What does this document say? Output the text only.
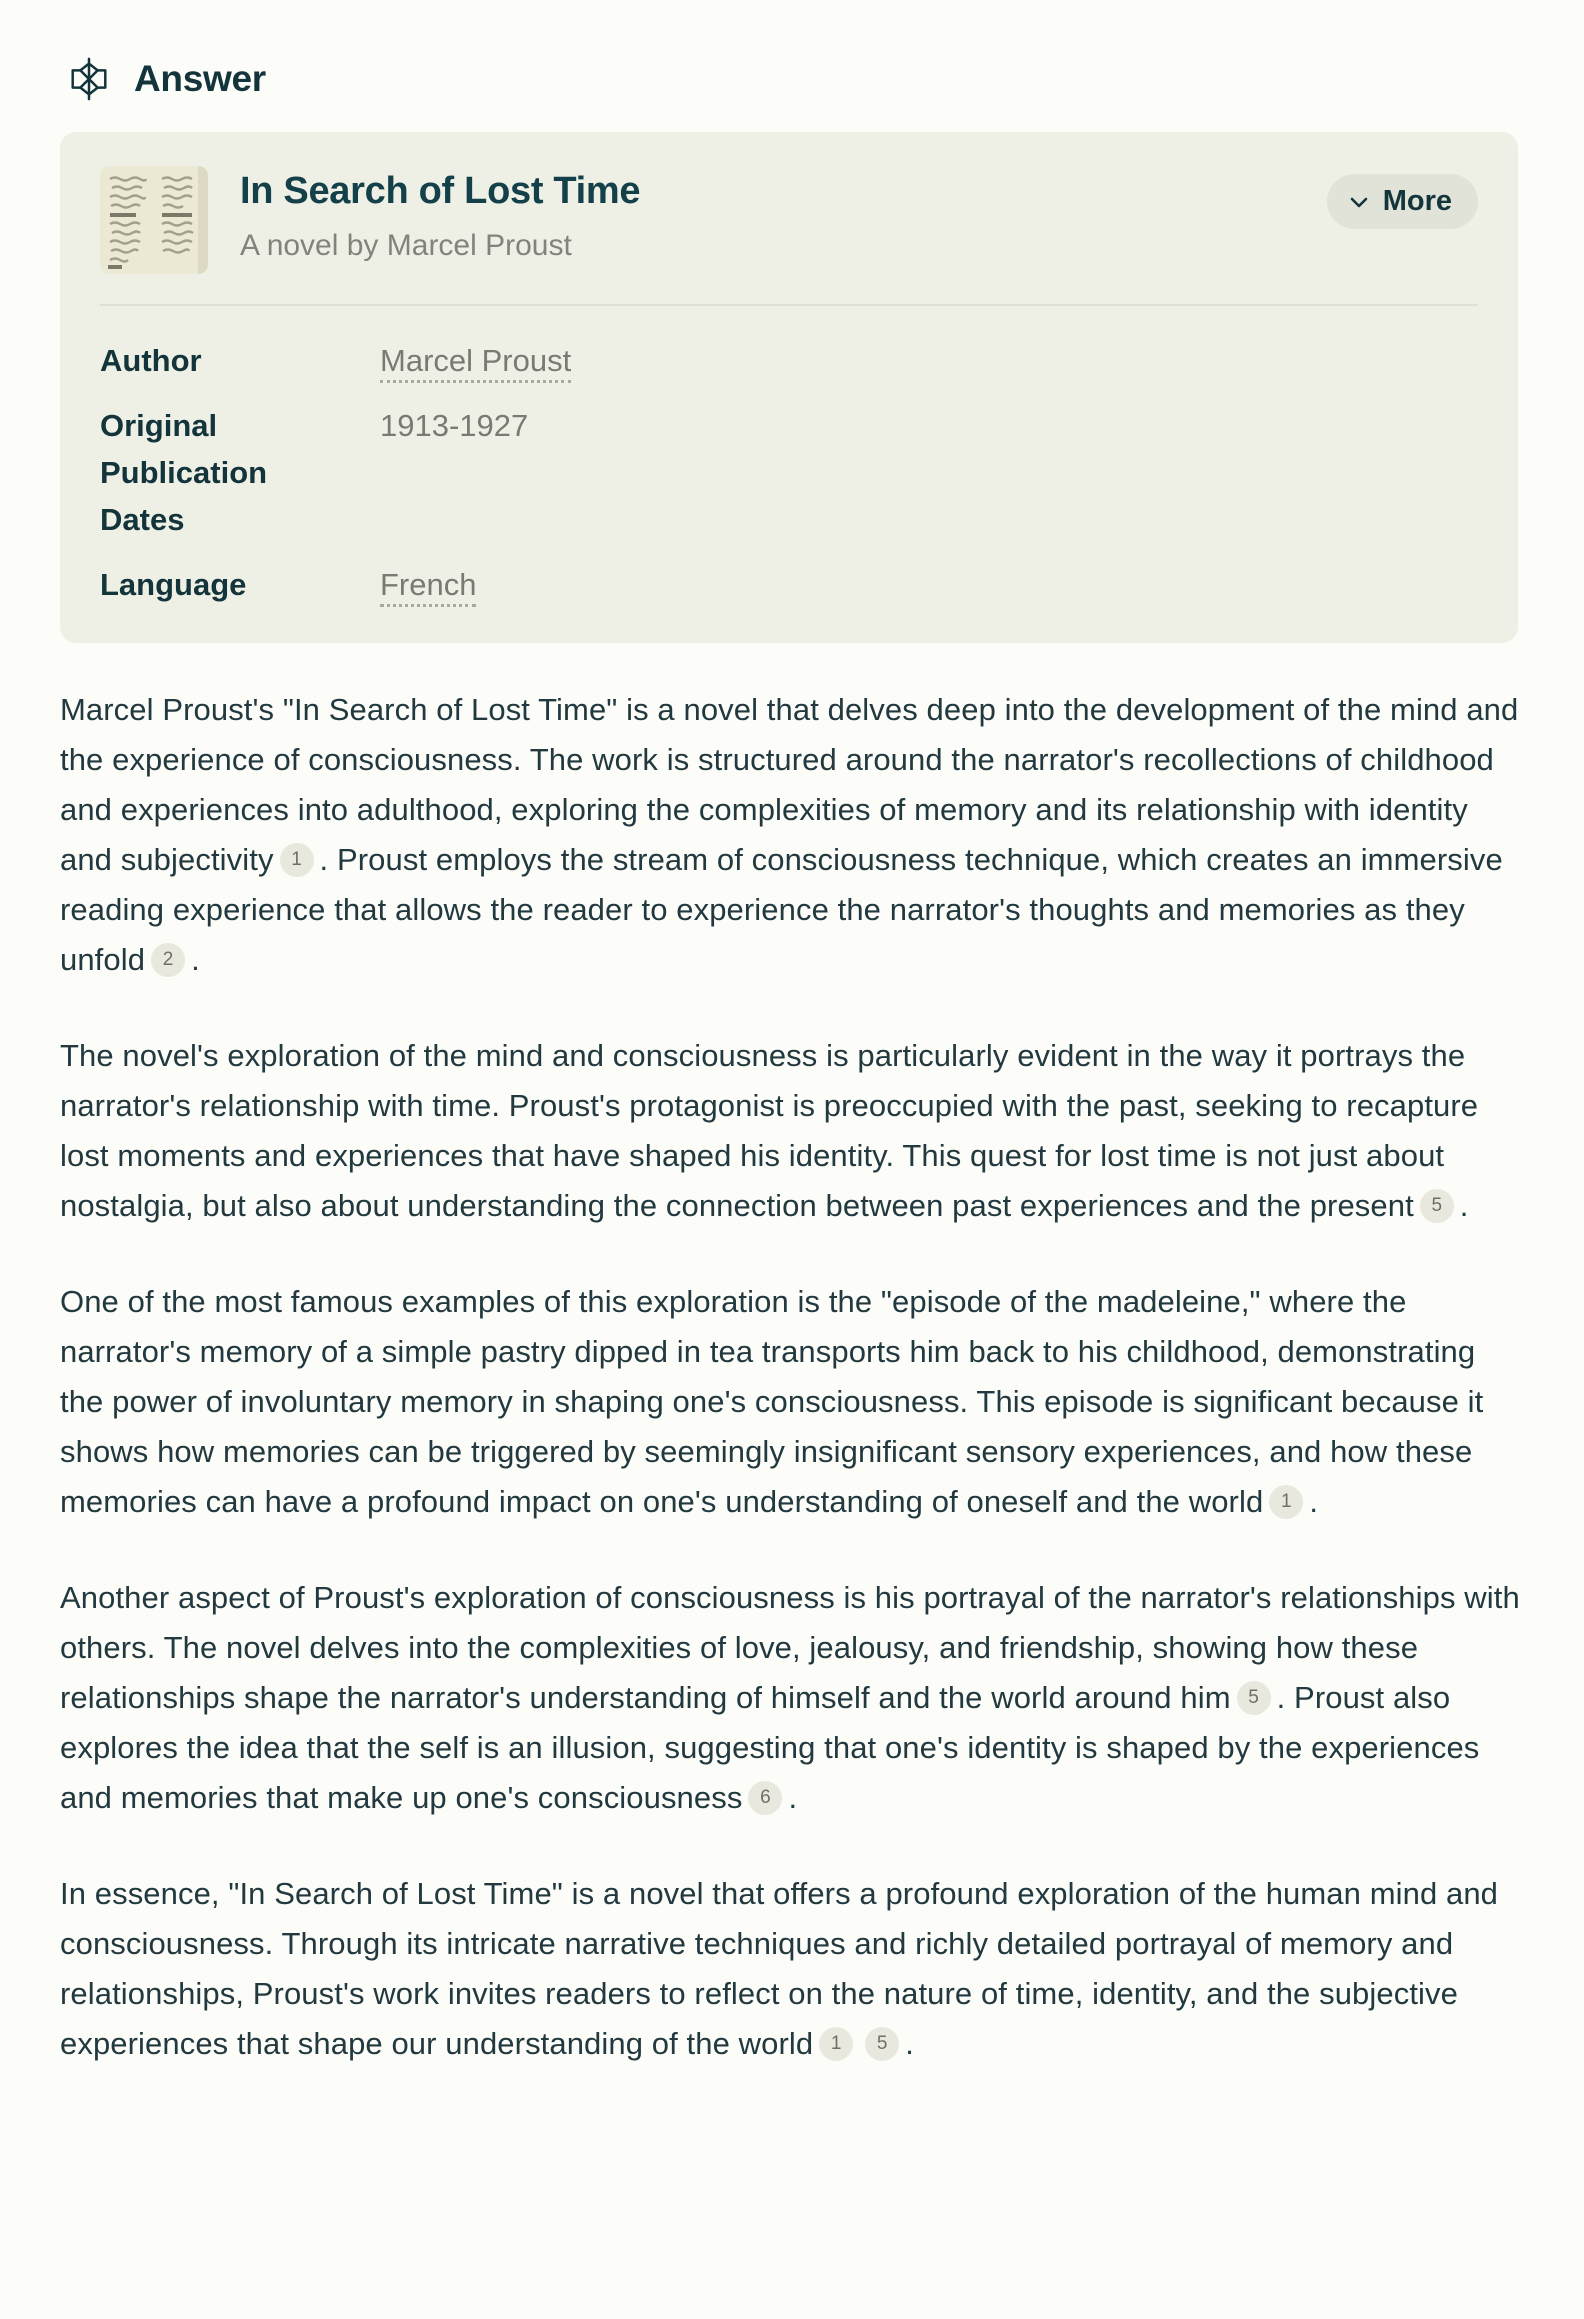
Answer
In Search of Lost Time
A novel by Marcel Proust
More
Author	Marcel Proust
Original Publication Dates
1913-1927
Language	French

Marcel Proust's "In Search of Lost Time" is a novel that delves deep into the development of the mind and the experience of consciousness. The work is structured around the narrator's recollections of childhood and experiences into adulthood, exploring the complexities of memory and its relationship with identity and subjectivity 1 . Proust employs the stream of consciousness technique, which creates an immersive reading experience that allows the reader to experience the narrator's thoughts and memories as they unfold 2 .

The novel's exploration of the mind and consciousness is particularly evident in the way it portrays the narrator's relationship with time. Proust's protagonist is preoccupied with the past, seeking to recapture lost moments and experiences that have shaped his identity. This quest for lost time is not just about nostalgia, but also about understanding the connection between past experiences and the present 5 .

One of the most famous examples of this exploration is the "episode of the madeleine," where the narrator's memory of a simple pastry dipped in tea transports him back to his childhood, demonstrating the power of involuntary memory in shaping one's consciousness. This episode is significant because it shows how memories can be triggered by seemingly insignificant sensory experiences, and how these memories can have a profound impact on one's understanding of oneself and the world 1 .

Another aspect of Proust's exploration of consciousness is his portrayal of the narrator's relationships with others. The novel delves into the complexities of love, jealousy, and friendship, showing how these relationships shape the narrator's understanding of himself and the world around him 5 . Proust also explores the idea that the self is an illusion, suggesting that one's identity is shaped by the experiences and memories that make up one's consciousness 6 .

In essence, "In Search of Lost Time" is a novel that offers a profound exploration of the human mind and consciousness. Through its intricate narrative techniques and richly detailed portrayal of memory and relationships, Proust's work invites readers to reflect on the nature of time, identity, and the subjective experiences that shape our understanding of the world 1 5 .
